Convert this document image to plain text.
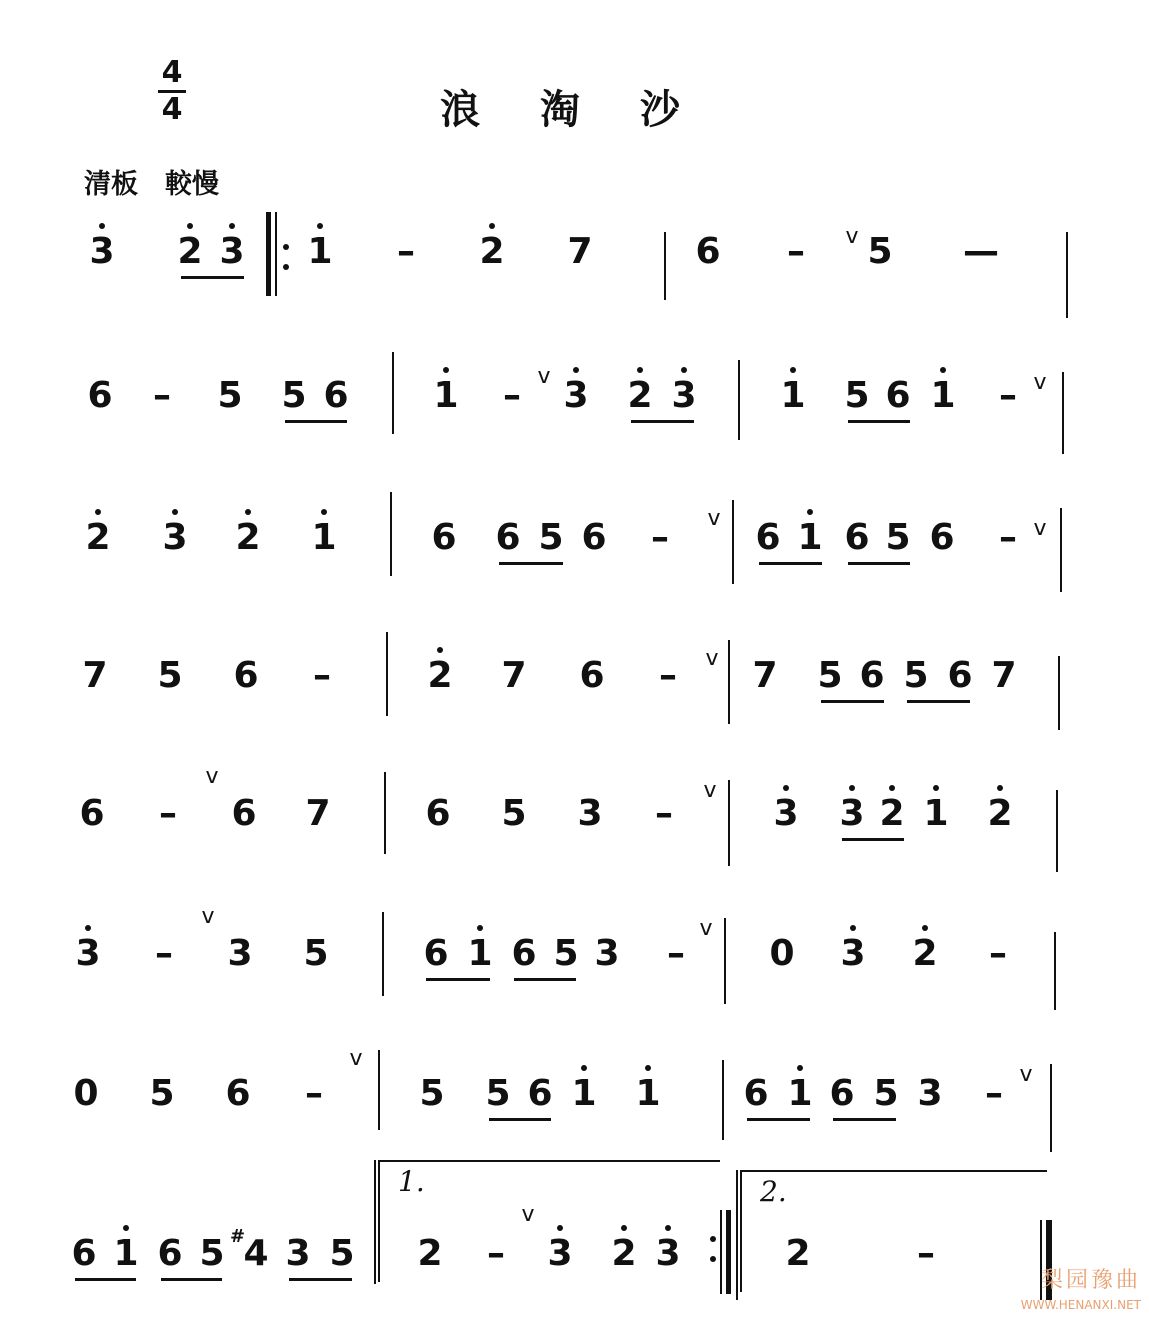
4
4	浪淘沙
清板　較慢
3 2 3 1 – 2 7	6 – 5 —
v
6 – 5 5 6 1 – 3 2 3 1 5 6 1 –
v	v
2 3 2 1	6 6 5 6 – 6 1 6 5 6 –
v	v
7 5 6 –	2 7 6 – 7 5 6 5 6 7
v
6 – 6 7	6 5 3 –	3 3 2 1 2
v
v
3 – 3 5	6 1 6 5 3 – 0 3 2 –
v	v
0 5 6 –	5 5 6 1 1 6 1 6 5 3 –
v
v
6 1 6 5 4 3 5 2 – 3 2 3	2	–
v
#
1.	2.
梨园豫曲
WWW.HENANXI.NET
